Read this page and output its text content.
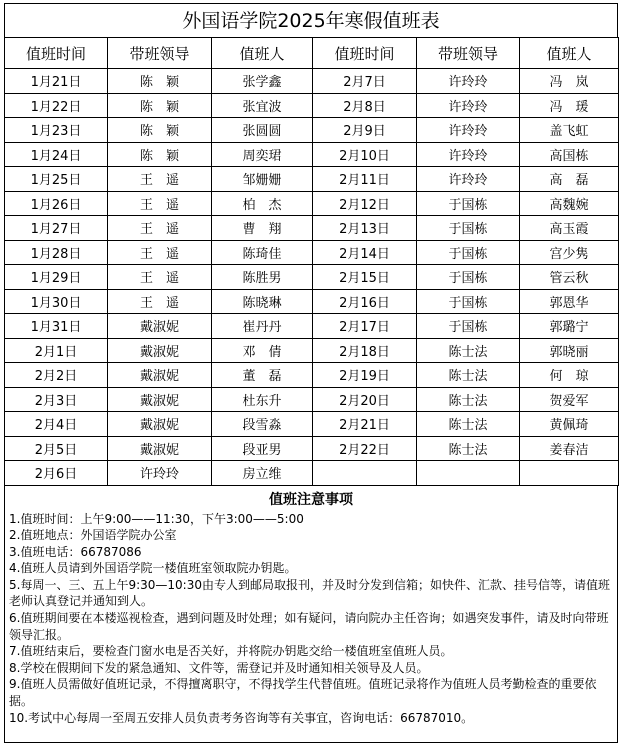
外国语学院2025年寒假值班表
值班时间	带班领导	值班人	值班时间	带班领导	值班人
1月21日	陈　颖	张学鑫	2月7日	许玲玲	冯　岚
1月22日	陈　颖	张宜波	2月8日	许玲玲	冯　瑗
1月23日	陈　颖	张圆圆	2月9日	许玲玲	盖飞虹
1月24日	陈　颖	周奕珺	2月10日	许玲玲	高国栋
1月25日	王　遥	邹姗姗	2月11日	许玲玲	高　磊
1月26日	王　遥	柏　杰	2月12日	于国栋	高魏婉
1月27日	王　遥	曹　翔	2月13日	于国栋	高玉霞
1月28日	王　遥	陈琦佳	2月14日	于国栋	宫少隽
1月29日	王　遥	陈胜男	2月15日	于国栋	管云秋
1月30日	王　遥	陈晓琳	2月16日	于国栋	郭恩华
1月31日	戴淑妮	崔丹丹	2月17日	于国栋	郭璐宁
2月1日	戴淑妮	邓　倩	2月18日	陈士法	郭晓丽
2月2日	戴淑妮	董　磊	2月19日	陈士法	何　琼
2月3日	戴淑妮	杜东升	2月20日	陈士法	贺爱军
2月4日	戴淑妮	段雪淼	2月21日	陈士法	黄佩琦
2月5日	戴淑妮	段亚男	2月22日	陈士法	姜春洁
2月6日	许玲玲	房立维			
值班注意事项

1.值班时间：上午9:00——11:30，下午3:00——5:00

2.值班地点：外国语学院办公室

3.值班电话：66787086

4.值班人员请到外国语学院一楼值班室领取院办钥匙。

5.每周一、三、五上午9:30—10:30由专人到邮局取报刊，并及时分发到信箱；如快件、汇款、挂号信等，请值班老师认真登记并通知到人。

6.值班期间要在本楼巡视检查，遇到问题及时处理；如有疑问，请向院办主任咨询；如遇突发事件，请及时向带班领导汇报。

7.值班结束后，要检查门窗水电是否关好，并将院办钥匙交给一楼值班室值班人员。

8.学校在假期间下发的紧急通知、文件等，需登记并及时通知相关领导及人员。

9.值班人员需做好值班记录，不得擅离职守，不得找学生代替值班。值班记录将作为值班人员考勤检查的重要依据。

10.考试中心每周一至周五安排人员负责考务咨询等有关事宜，咨询电话：66787010。
